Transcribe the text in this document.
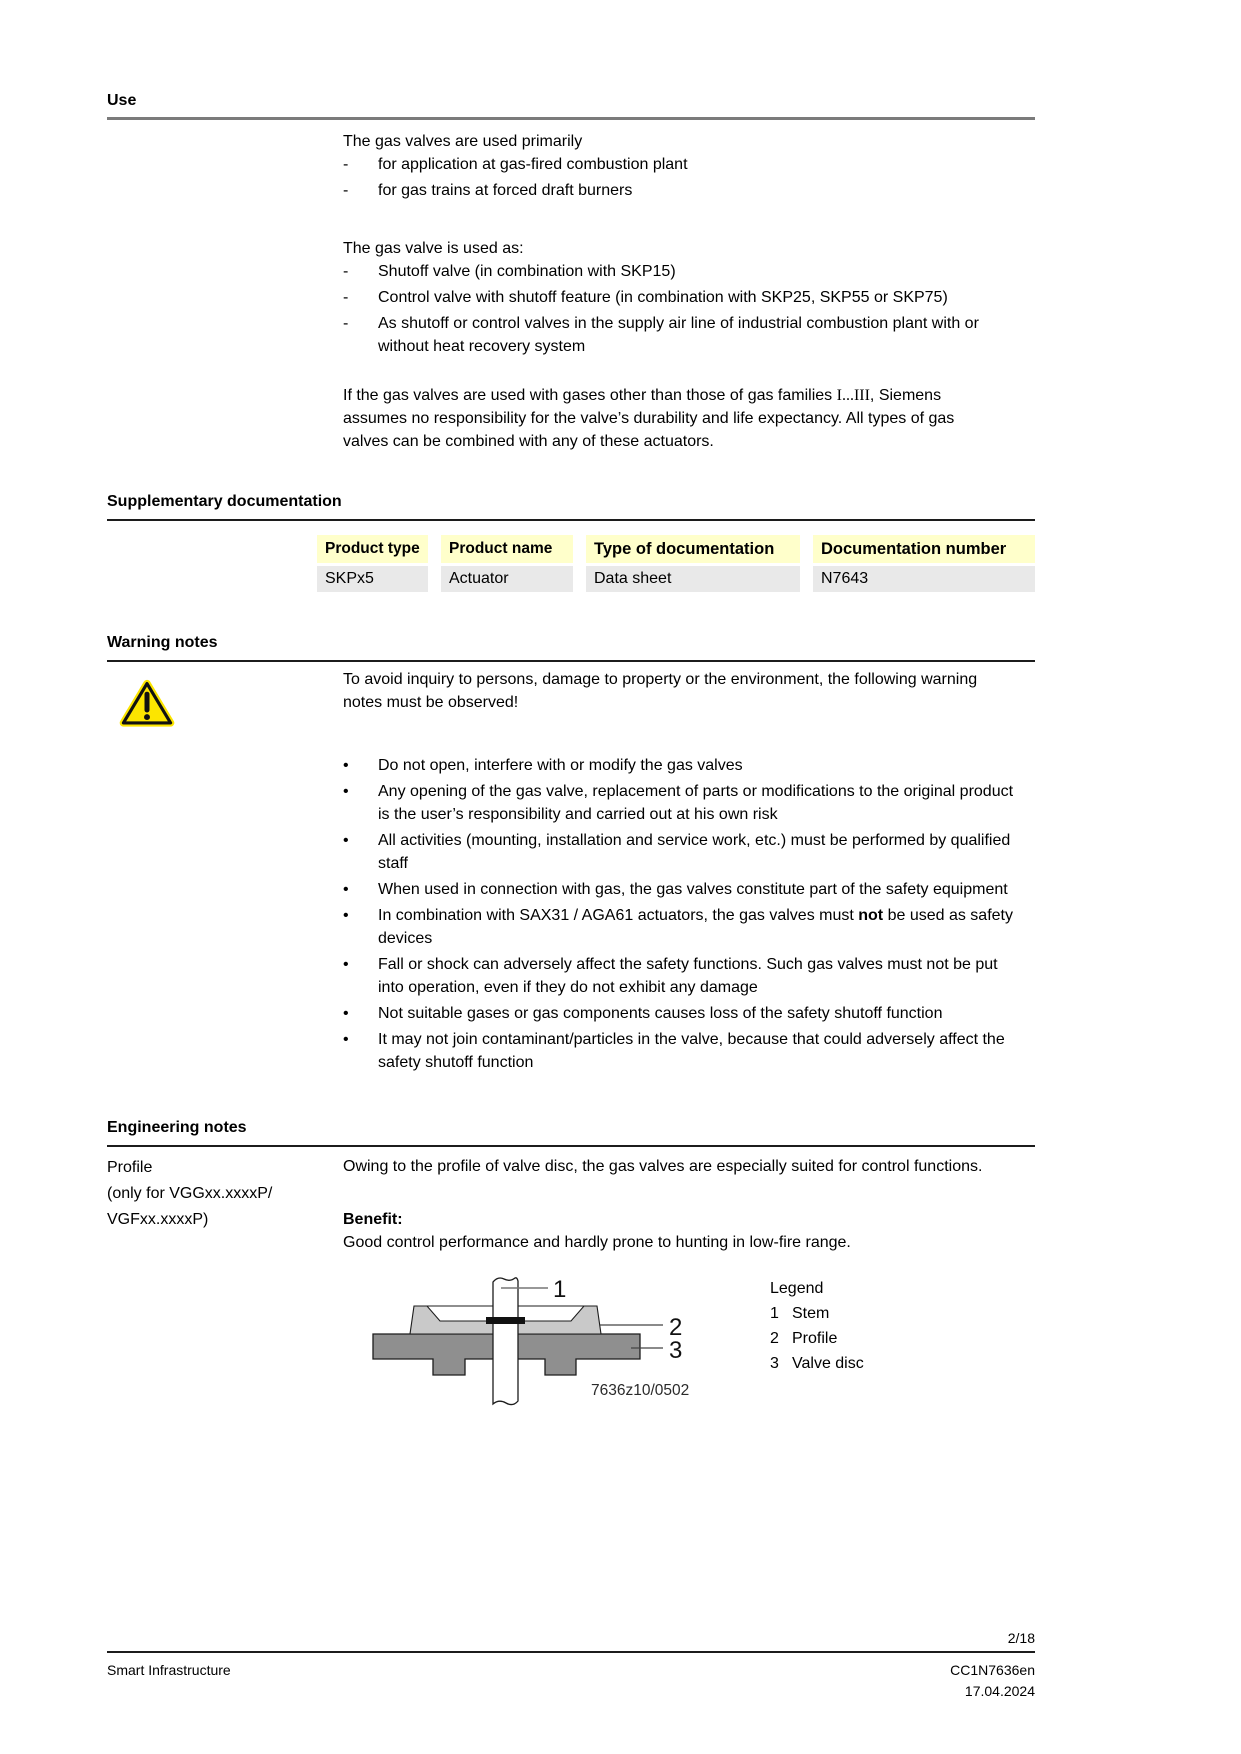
Use

The gas valves are used primarily

-	for application at gas-fired combustion plant
-	for gas trains at forced draft burners

The gas valve is used as:

-	Shutoff valve (in combination with SKP15)
-	Control valve with shutoff feature (in combination with SKP25, SKP55 or SKP75)
-	As shutoff or control valves in the supply air line of industrial combustion plant with or without heat recovery system

If the gas valves are used with gases other than those of gas families I...III, Siemens assumes no responsibility for the valve’s durability and life expectancy. All types of gas valves can be combined with any of these actuators.

Supplementary documentation
Product type	Product name	Type of documentation	Documentation number
SKPx5	Actuator	Data sheet	N7643
Warning notes

To avoid inquiry to persons, damage to property or the environment, the following warning notes must be observed!

•	Do not open, interfere with or modify the gas valves
•	Any opening of the gas valve, replacement of parts or modifications to the original product is the user’s responsibility and carried out at his own risk
•	All activities (mounting, installation and service work, etc.) must be performed by qualified staff
•	When used in connection with gas, the gas valves constitute part of the safety equipment
•	In combination with SAX31 / AGA61 actuators, the gas valves must not be used as safety devices
•	Fall or shock can adversely affect the safety functions. Such gas valves must not be put into operation, even if they do not exhibit any damage
•	Not suitable gases or gas components causes loss of the safety shutoff function
•	It may not join contaminant/particles in the valve, because that could adversely affect the safety shutoff function
Engineering notes
Profile
(only for VGGxx.xxxxP/
VGFxx.xxxxP)

Owing to the profile of valve disc, the gas valves are especially suited for control functions.

Benefit:

Good control performance and hardly prone to hunting in low-fire range.

1
2
3
7636z10/0502
Legend
1 Stem
2 Profile
3 Valve disc
2/18
Smart Infrastructure	CC1N7636en
17.04.2024
